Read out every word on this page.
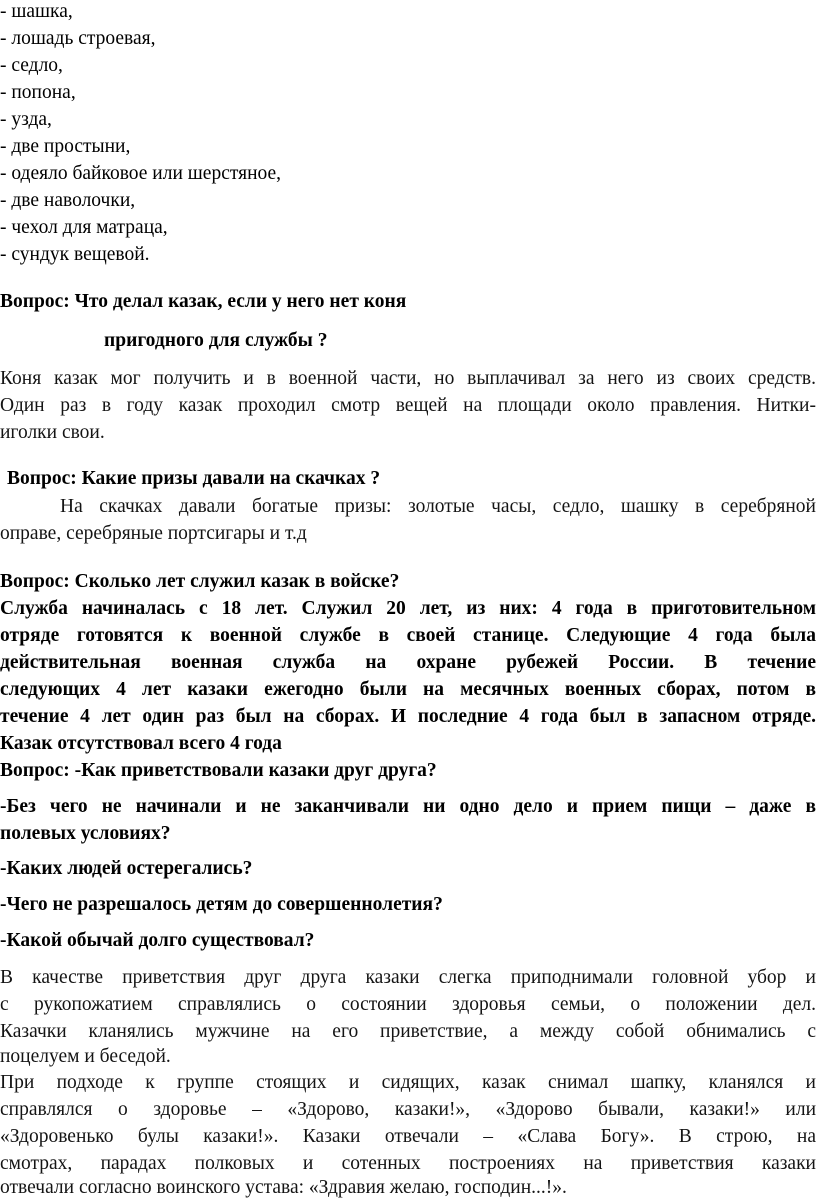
- шашка,
- лошадь строевая,
- седло,
- попона,
- узда,
- две простыни,
- одеяло байковое или шерстяное,
- две наволочки,
- чехол для матраца,
- сундук вещевой.
Вопрос: Что делал казак, если у него нет коня
пригодного для службы ?
Коня казак мог получить и в военной части, но выплачивал за него из своих средств.
Один раз в году казак проходил смотр вещей на площади около правления. Нитки-
иголки свои.
Вопрос: Какие призы давали на скачках ?
На скачках давали богатые призы: золотые часы, седло, шашку в серебряной
оправе, серебряные портсигары и т.д
Вопрос: Сколько лет служил казак в войске?
Служба начиналась с 18 лет. Служил 20 лет, из них: 4 года в приготовительном
отряде готовятся к военной службе в своей станице. Следующие 4 года была
действительная военная служба на охране рубежей России. В течение
следующих 4 лет казаки ежегодно были на месячных военных сборах, потом в
течение 4 лет один раз был на сборах. И последние 4 года был в запасном отряде.
Казак отсутствовал всего 4 года
Вопрос: -Как приветствовали казаки друг друга?
-Без чего не начинали и не заканчивали ни одно дело и прием пищи – даже в
полевых условиях?
-Каких людей остерегались?
-Чего не разрешалось детям до совершеннолетия?
-Какой обычай долго существовал?
В качестве приветствия друг друга казаки слегка приподнимали головной убор и
с рукопожатием справлялись о состоянии здоровья семьи, о положении дел.
Казачки кланялись мужчине на его приветствие, а между собой обнимались с
поцелуем и беседой.
При подходе к группе стоящих и сидящих, казак снимал шапку, кланялся и
справлялся о здоровье – «Здорово, казаки!», «Здорово бывали, казаки!» или
«Здоровенько булы казаки!». Казаки отвечали – «Слава Богу». В строю, на
смотрах, парадах полковых и сотенных построениях на приветствия казаки
отвечали согласно воинского устава: «Здравия желаю, господин...!».
